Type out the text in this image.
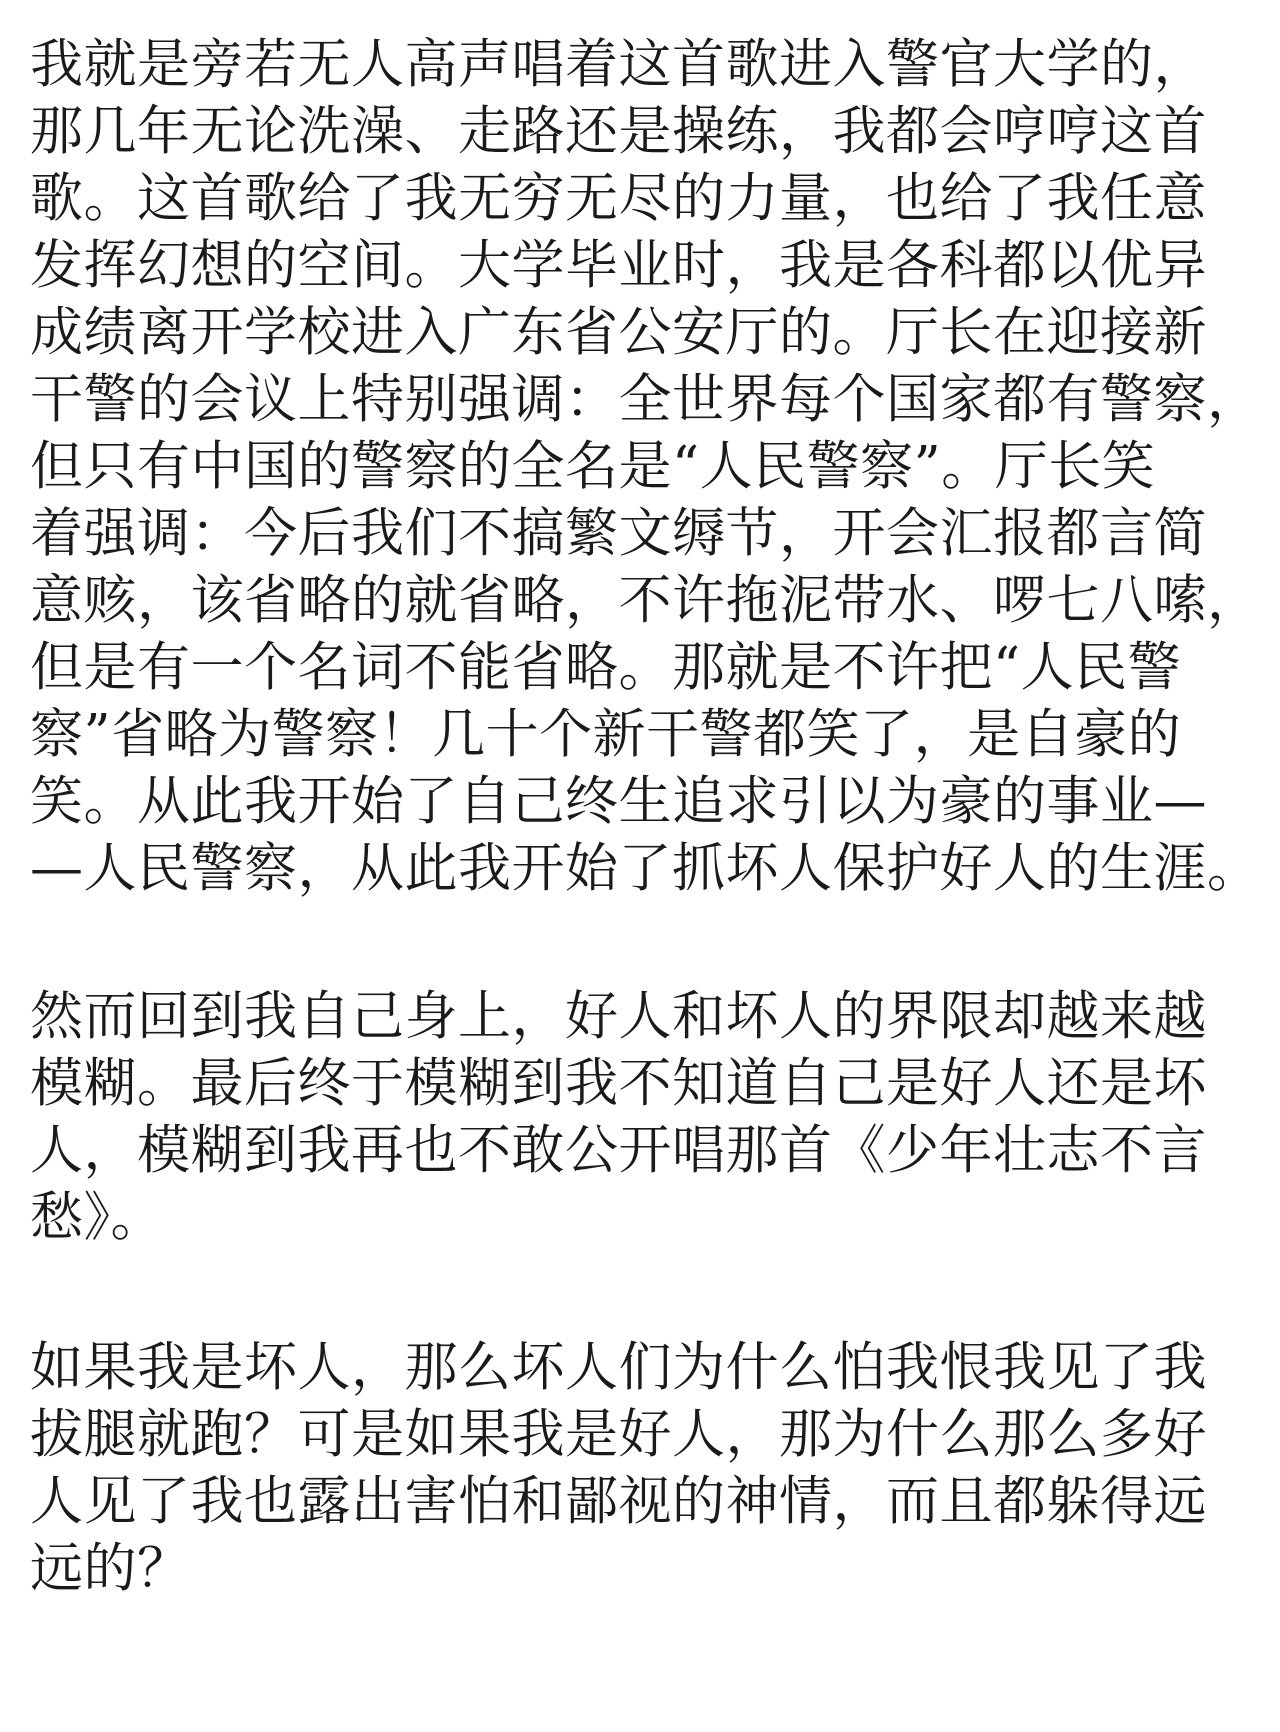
我就是旁若无人高声唱着这首歌进入警官大学的，
那几年无论洗澡、走路还是操练，我都会哼哼这首
歌。这首歌给了我无穷无尽的力量，也给了我任意
发挥幻想的空间。大学毕业时，我是各科都以优异
成绩离开学校进入广东省公安厅的。厅长在迎接新
干警的会议上特别强调：全世界每个国家都有警察，
但只有中国的警察的全名是“人民警察”。厅长笑
着强调：今后我们不搞繁文缛节，开会汇报都言简
意赅，该省略的就省略，不许拖泥带水、啰七八嗦，
但是有一个名词不能省略。那就是不许把“人民警
察”省略为警察！几十个新干警都笑了，是自豪的
笑。从此我开始了自己终生追求引以为豪的事业—
—人民警察，从此我开始了抓坏人保护好人的生涯。
然而回到我自己身上，好人和坏人的界限却越来越
模糊。最后终于模糊到我不知道自己是好人还是坏
人，模糊到我再也不敢公开唱那首《少年壮志不言
愁》。
如果我是坏人，那么坏人们为什么怕我恨我见了我
拔腿就跑？可是如果我是好人，那为什么那么多好
人见了我也露出害怕和鄙视的神情，而且都躲得远
远的？
